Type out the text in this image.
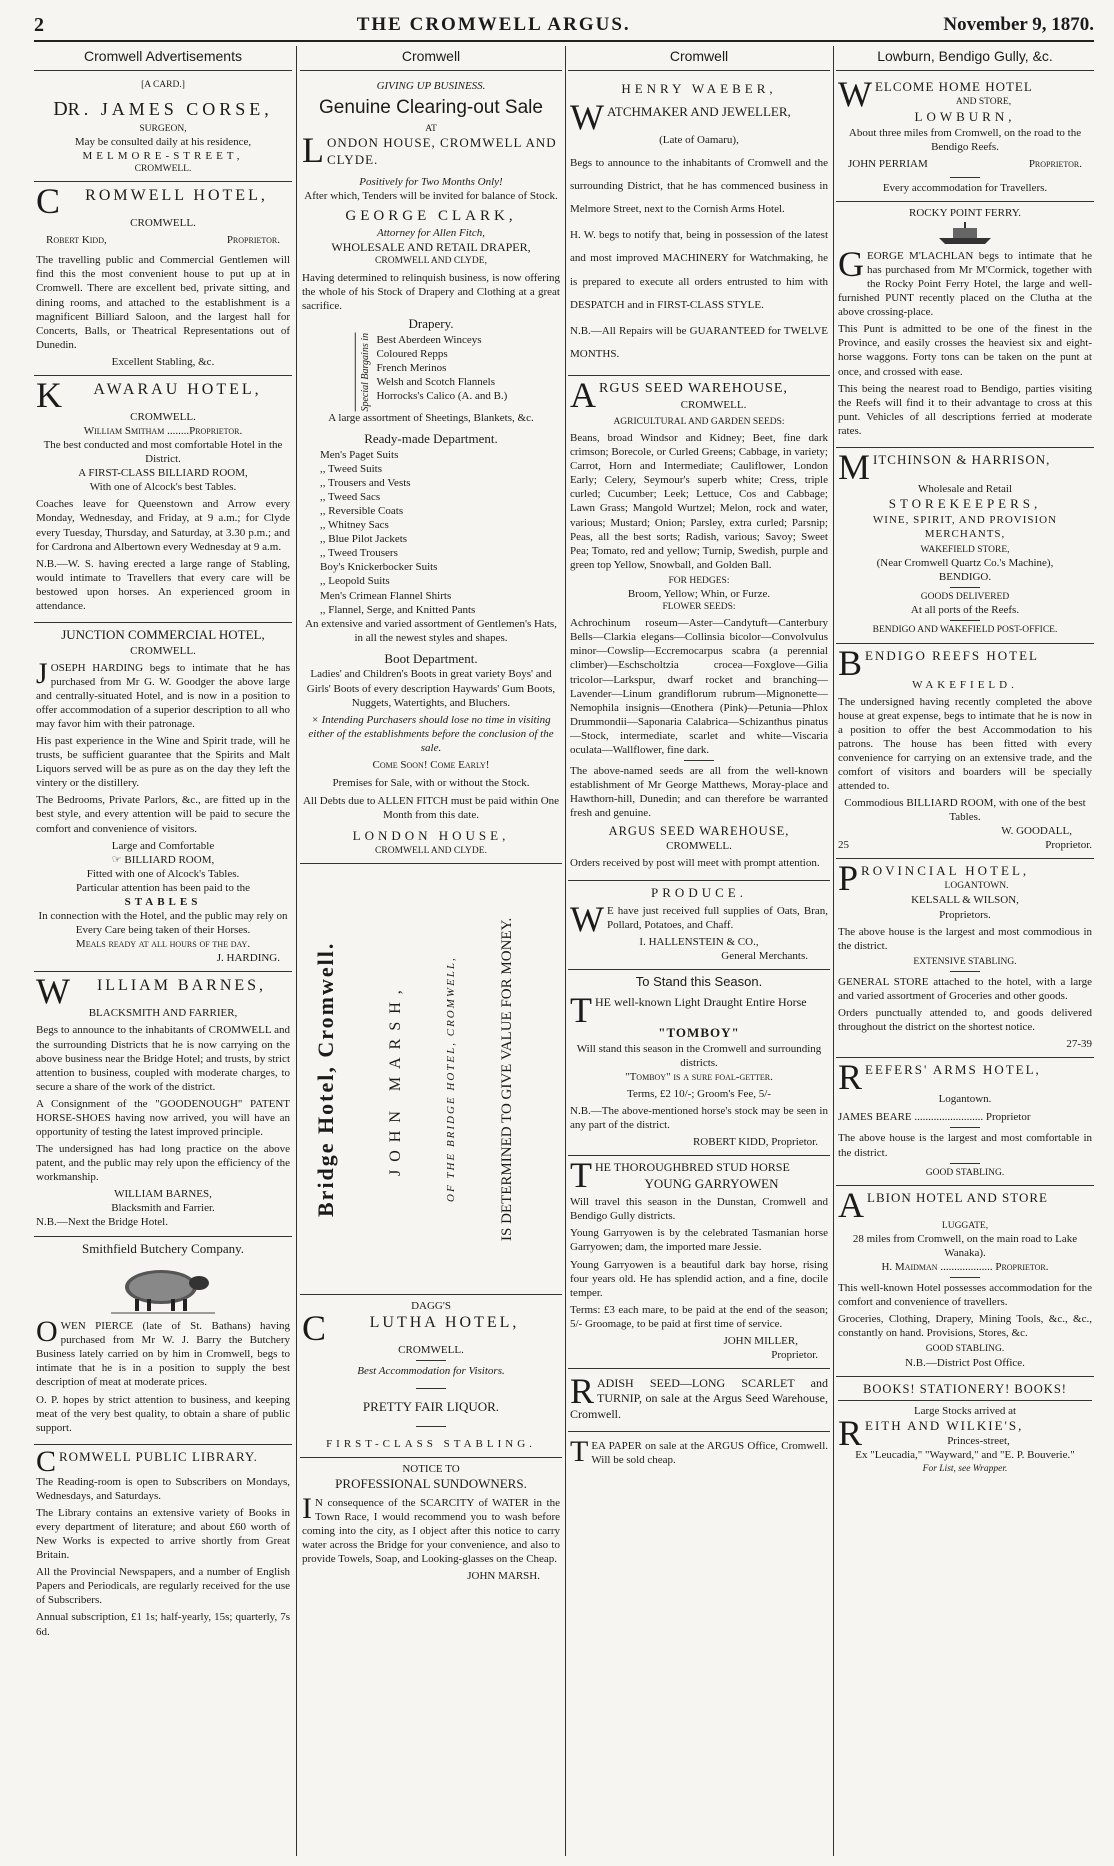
2	THE CROMWELL ARGUS.	November 9, 1870.
Cromwell Advertisements
[A CARD.]
DR. JAMES CORSE,
SURGEON,
May be consulted daily at his residence,
MELMORE-STREET,
CROMWELL.
C ROMWELL HOTEL,
CROMWELL.
Robert Kidd,	Proprietor.

The travelling public and Commercial Gentlemen will find this the most convenient house to put up at in Cromwell. There are excellent bed, private sitting, and dining rooms, and attached to the establishment is a magnificent Billiard Saloon, and the largest hall for Concerts, Balls, or Theatrical Representations out of Dunedin.

Excellent Stabling, &c.
K AWARAU HOTEL,
CROMWELL.
William Smitham ........Proprietor.
The best conducted and most comfortable Hotel in the District.
A FIRST-CLASS BILLIARD ROOM,
With one of Alcock's best Tables.

Coaches leave for Queenstown and Arrow every Monday, Wednesday, and Friday, at 9 a.m.; for Clyde every Tuesday, Thursday, and Saturday, at 3.30 p.m.; and for Cardrona and Albertown every Wednesday at 9 a.m.

N.B.—W. S. having erected a large range of Stabling, would intimate to Travellers that every care will be bestowed upon horses. An experienced groom in attendance.

JUNCTION COMMERCIAL HOTEL,
CROMWELL.

JOSEPH HARDING begs to intimate that he has purchased from Mr G. W. Goodger the above large and centrally-situated Hotel, and is now in a position to offer accommodation of a superior description to all who may favor him with their patronage.

His past experience in the Wine and Spirit trade, will he trusts, be sufficient guarantee that the Spirits and Malt Liquors served will be as pure as on the day they left the vintery or the distillery.

The Bedrooms, Private Parlors, &c., are fitted up in the best style, and every attention will be paid to secure the comfort and convenience of visitors.

Large and Comfortable
☞ BILLIARD ROOM,
Fitted with one of Alcock's Tables.
Particular attention has been paid to the
STABLES
In connection with the Hotel, and the public may rely on
Every Care being taken of their Horses.
Meals ready at all hours of the day.
J. HARDING.
W ILLIAM BARNES,
BLACKSMITH AND FARRIER,

Begs to announce to the inhabitants of CROMWELL and the surrounding Districts that he is now carrying on the above business near the Bridge Hotel; and trusts, by strict attention to business, coupled with moderate charges, to secure a share of the work of the district.

A Consignment of the "GOODENOUGH" PATENT HORSE-SHOES having now arrived, you will have an opportunity of testing the latest improved principle.

The undersigned has had long practice on the above patent, and the public may rely upon the efficiency of the workmanship.

WILLIAM BARNES,
Blacksmith and Farrier.
N.B.—Next the Bridge Hotel.
Smithfield Butchery Company.

OWEN PIERCE (late of St. Bathans) having purchased from Mr W. J. Barry the Butchery Business lately carried on by him in Cromwell, begs to intimate that he is in a position to supply the best description of meat at moderate prices.

O. P. hopes by strict attention to business, and keeping meat of the very best quality, to obtain a share of public support.

CROMWELL PUBLIC LIBRARY.

The Reading-room is open to Subscribers on Mondays, Wednesdays, and Saturdays.

The Library contains an extensive variety of Books in every department of literature; and about £60 worth of New Works is expected to arrive shortly from Great Britain.

All the Provincial Newspapers, and a number of English Papers and Periodicals, are regularly received for the use of Subscribers.

Annual subscription, £1 1s; half-yearly, 15s; quarterly, 7s 6d.

Cromwell
GIVING UP BUSINESS.
Genuine Clearing-out Sale
AT
LONDON HOUSE, CROMWELL AND CLYDE.
Positively for Two Months Only!
After which, Tenders will be invited for balance of Stock.
GEORGE CLARK,
Attorney for Allen Fitch,
WHOLESALE AND RETAIL DRAPER,
CROMWELL AND CLYDE,

Having determined to relinquish business, is now offering the whole of his Stock of Drapery and Clothing at a great sacrifice.

Drapery.
Special Bargains in Best Aberdeen Winceys
Coloured Repps
French Merinos
Welsh and Scotch Flannels
Horrocks's Calico (A. and B.)
A large assortment of Sheetings, Blankets, &c.
Ready-made Department.
Men's Paget Suits
,, Tweed Suits
,, Trousers and Vests
,, Tweed Sacs
,, Reversible Coats
,, Whitney Sacs
,, Blue Pilot Jackets
,, Tweed Trousers
Boy's Knickerbocker Suits
,, Leopold Suits
Men's Crimean Flannel Shirts
,, Flannel, Serge, and Knitted Pants
An extensive and varied assortment of Gentlemen's Hats, in all the newest styles and shapes.
Boot Department.
Ladies' and Children's Boots in great variety Boys' and Girls' Boots of every description Haywards' Gum Boots, Nuggets, Watertights, and Bluchers.

× Intending Purchasers should lose no time in visiting either of the establishments before the conclusion of the sale.

Come Soon! Come Early!
Premises for Sale, with or without the Stock.
All Debts due to ALLEN FITCH must be paid within One Month from this date.
LONDON HOUSE,
CROMWELL AND CLYDE.
Bridge Hotel, Cromwell.	JOHN MARSH,	OF THE BRIDGE HOTEL, CROMWELL,	IS DETERMINED TO GIVE VALUE FOR MONEY.
DAGG'S
C	LUTHA HOTEL,
CROMWELL.
Best Accommodation for Visitors.
PRETTY FAIR LIQUOR.
FIRST-CLASS STABLING.
NOTICE TO
PROFESSIONAL SUNDOWNERS.

I N consequence of the SCARCITY of WATER in the Town Race, I would recommend you to wash before coming into the city, as I object after this notice to carry water across the Bridge for your convenience, and also to provide Towels, Soap, and Looking-glasses on the Cheap.

JOHN MARSH.
Cromwell
HENRY WAEBER,
WATCHMAKER AND JEWELLER,
(Late of Oamaru),

Begs to announce to the inhabitants of Cromwell and the surrounding District, that he has commenced business in Melmore Street, next to the Cornish Arms Hotel.

H. W. begs to notify that, being in possession of the latest and most improved MACHINERY for Watchmaking, he is prepared to execute all orders entrusted to him with DESPATCH and in FIRST-CLASS STYLE.

N.B.—All Repairs will be GUARANTEED for TWELVE MONTHS.

ARGUS SEED WAREHOUSE,
CROMWELL.
AGRICULTURAL AND GARDEN SEEDS:

Beans, broad Windsor and Kidney; Beet, fine dark crimson; Borecole, or Curled Greens; Cabbage, in variety; Carrot, Horn and Intermediate; Cauliflower, London Early; Celery, Seymour's superb white; Cress, triple curled; Cucumber; Leek; Lettuce, Cos and Cabbage; Lawn Grass; Mangold Wurtzel; Melon, rock and water, various; Mustard; Onion; Parsley, extra curled; Parsnip; Peas, all the best sorts; Radish, various; Savoy; Sweet Pea; Tomato, red and yellow; Turnip, Swedish, purple and green top Yellow, Snowball, and Golden Ball.

FOR HEDGES:
Broom, Yellow; Whin, or Furze.
FLOWER SEEDS:

Achrochinum roseum—Aster—Candytuft—Canterbury Bells—Clarkia elegans—Collinsia bicolor—Convolvulus minor—Cowslip—Eccremocarpus scabra (a perennial climber)—Eschscholtzia crocea—Foxglove—Gilia tricolor—Larkspur, dwarf rocket and branching—Lavender—Linum grandiflorum rubrum—Mignonette—Nemophila insignis—Œnothera (Pink)—Petunia—Phlox Drummondii—Saponaria Calabrica—Schizanthus pinatus—Stock, intermediate, scarlet and white—Viscaria oculata—Wallflower, fine dark.

The above-named seeds are all from the well-known establishment of Mr George Matthews, Moray-place and Hawthorn-hill, Dunedin; and can therefore be warranted fresh and genuine.

ARGUS SEED WAREHOUSE,
CROMWELL.

Orders received by post will meet with prompt attention.

PRODUCE.

W E have just received full supplies of Oats, Bran, Pollard, Potatoes, and Chaff.

I. HALLENSTEIN & CO.,
General Merchants.
To Stand this Season.
THE well-known Light Draught Entire Horse
"TOMBOY"
Will stand this season in the Cromwell and surrounding districts.
"Tomboy" is a sure foal-getter.
Terms, £2 10/-; Groom's Fee, 5/-

N.B.—The above-mentioned horse's stock may be seen in any part of the district.

ROBERT KIDD, Proprietor.
THE THOROUGHBRED STUD HORSE
YOUNG GARRYOWEN

Will travel this season in the Dunstan, Cromwell and Bendigo Gully districts.

Young Garryowen is by the celebrated Tasmanian horse Garryowen; dam, the imported mare Jessie.

Young Garryowen is a beautiful dark bay horse, rising four years old. He has splendid action, and a fine, docile temper.

Terms: £3 each mare, to be paid at the end of the season; 5/- Groomage, to be paid at first time of service.

JOHN MILLER,
Proprietor.

RADISH SEED—LONG SCARLET and TURNIP, on sale at the Argus Seed Warehouse, Cromwell.

TEA PAPER on sale at the ARGUS Office, Cromwell. Will be sold cheap.

Lowburn, Bendigo Gully, &c.
WELCOME HOME HOTEL
AND STORE,
LOWBURN,
About three miles from Cromwell, on the road to the Bendigo Reefs.
JOHN PERRIAM	Proprietor.
Every accommodation for Travellers.
ROCKY POINT FERRY.

GEORGE M'LACHLAN begs to intimate that he has purchased from Mr M'Cormick, together with the Rocky Point Ferry Hotel, the large and well-furnished PUNT recently placed on the Clutha at the above crossing-place.

This Punt is admitted to be one of the finest in the Province, and easily crosses the heaviest six and eight-horse waggons. Forty tons can be taken on the punt at once, and crossed with ease.

This being the nearest road to Bendigo, parties visiting the Reefs will find it to their advantage to cross at this punt. Vehicles of all descriptions ferried at moderate rates.

MITCHINSON & HARRISON,
Wholesale and Retail
STOREKEEPERS,
WINE, SPIRIT, AND PROVISION MERCHANTS,
WAKEFIELD STORE,
(Near Cromwell Quartz Co.'s Machine),
BENDIGO.
GOODS DELIVERED
At all ports of the Reefs.
BENDIGO AND WAKEFIELD POST-OFFICE.
BENDIGO REEFS HOTEL
WAKEFIELD.

The undersigned having recently completed the above house at great expense, begs to intimate that he is now in a position to offer the best Accommodation to his patrons. The house has been fitted with every convenience for carrying on an extensive trade, and the comfort of visitors and boarders will be specially attended to.

Commodious BILLIARD ROOM, with one of the best Tables.
W. GOODALL,
25	Proprietor.
PROVINCIAL HOTEL,
LOGANTOWN.
KELSALL & WILSON,
Proprietors.

The above house is the largest and most commodious in the district.

EXTENSIVE STABLING.

GENERAL STORE attached to the hotel, with a large and varied assortment of Groceries and other goods.

Orders punctually attended to, and goods delivered throughout the district on the shortest notice.

27-39
REEFERS' ARMS HOTEL,
Logantown.
JAMES BEARE ......................... Proprietor

The above house is the largest and most comfortable in the district.

GOOD STABLING.
ALBION HOTEL AND STORE
LUGGATE,
28 miles from Cromwell, on the main road to Lake Wanaka).
H. Maidman ................... Proprietor.

This well-known Hotel possesses accommodation for the comfort and convenience of travellers.

Groceries, Clothing, Drapery, Mining Tools, &c., &c., constantly on hand. Provisions, Stores, &c.

GOOD STABLING.
N.B.—District Post Office.
BOOKS! STATIONERY! BOOKS!
Large Stocks arrived at
REITH AND WILKIE'S,
Princes-street,
Ex "Leucadia," "Wayward," and "E. P. Bouverie."
For List, see Wrapper.
